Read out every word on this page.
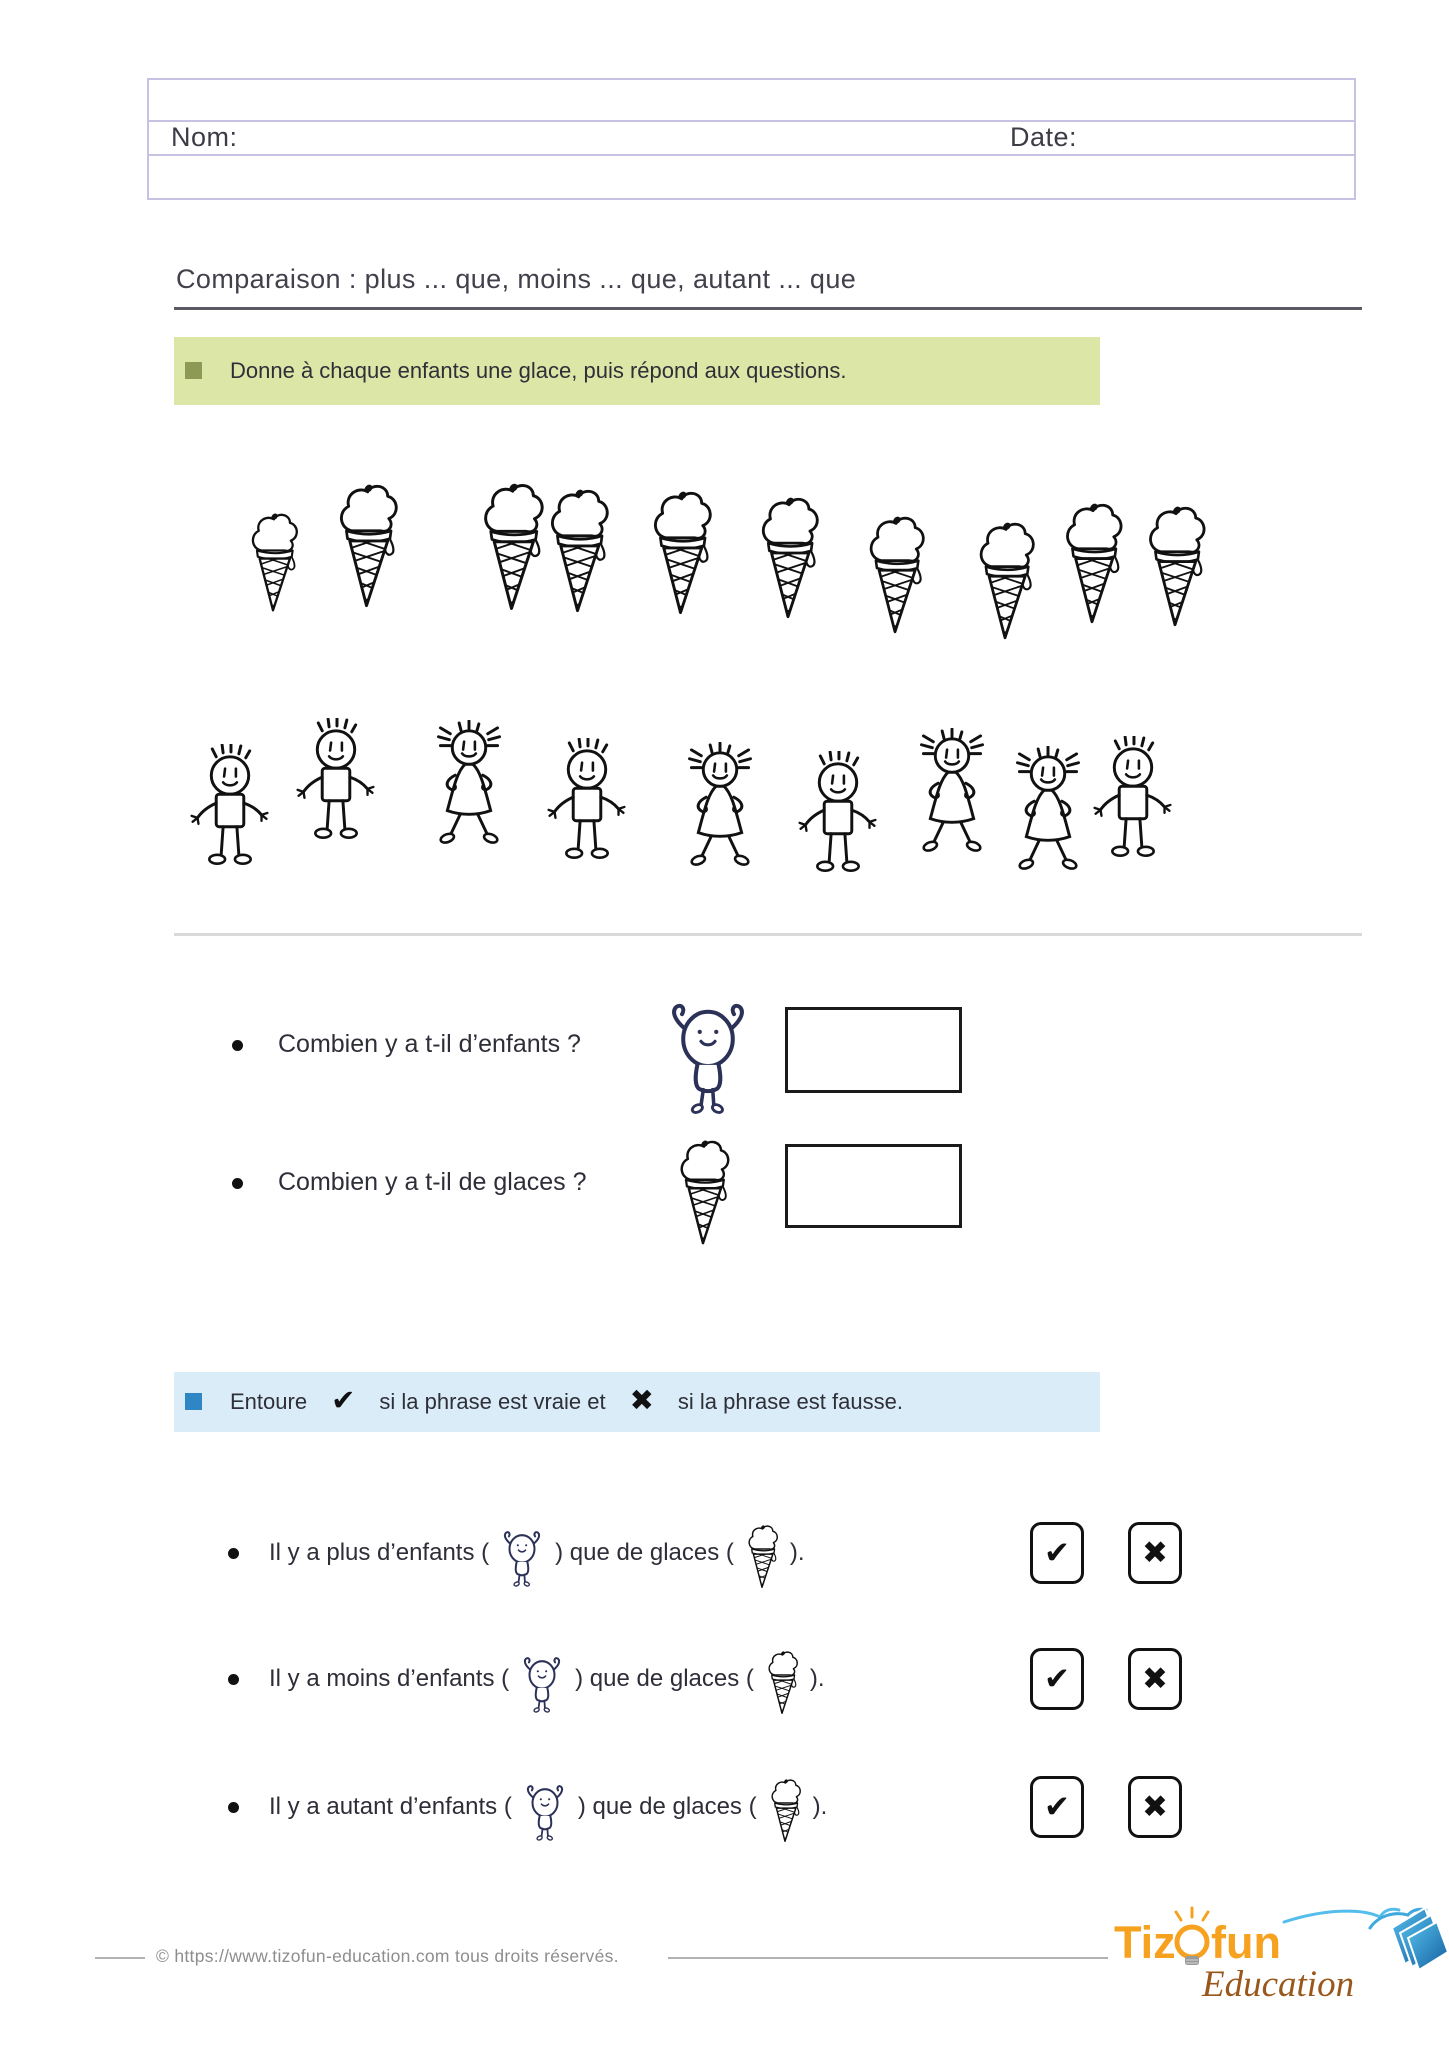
Nom:	Date:
Comparaison : plus ... que, moins ... que, autant ... que
Donne à chaque enfants une glace, puis répond aux questions.
Combien y a t-il d’enfants ?
Combien y a t-il de glaces ?
Entoure ✔ si la phrase est vraie et ✖ si la phrase est fausse.
Il y a plus d’enfants (	) que de glaces ( ).	✔	✖
Il y a moins d’enfants (	) que de glaces ( ).	✔	✖
Il y a autant d’enfants (	) que de glaces ( ).	✔	✖
© https://www.tizofun-education.com tous droits réservés.	Tiz fun
Education
